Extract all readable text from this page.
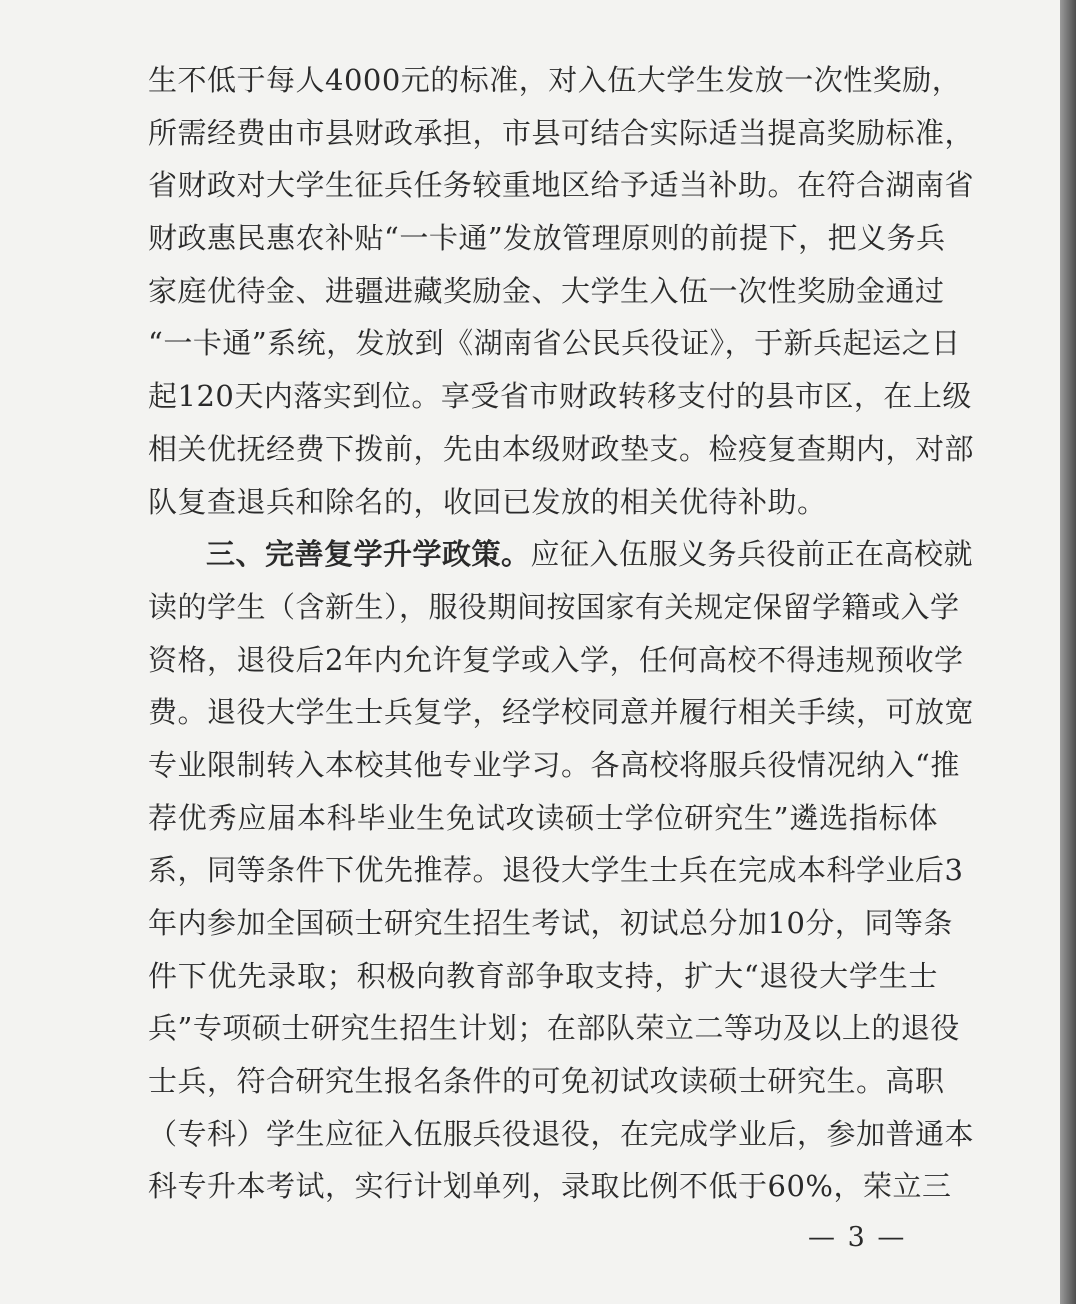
生不低于每人4000元的标准，对入伍大学生发放一次性奖励，
所需经费由市县财政承担，市县可结合实际适当提高奖励标准，
省财政对大学生征兵任务较重地区给予适当补助。在符合湖南省
财政惠民惠农补贴“一卡通”发放管理原则的前提下，把义务兵
家庭优待金、进疆进藏奖励金、大学生入伍一次性奖励金通过
“一卡通”系统，发放到《湖南省公民兵役证》，于新兵起运之日
起120天内落实到位。享受省市财政转移支付的县市区，在上级
相关优抚经费下拨前，先由本级财政垫支。检疫复查期内，对部
队复查退兵和除名的，收回已发放的相关优待补助。
三、完善复学升学政策。应征入伍服义务兵役前正在高校就
读的学生（含新生），服役期间按国家有关规定保留学籍或入学
资格，退役后2年内允许复学或入学，任何高校不得违规预收学
费。退役大学生士兵复学，经学校同意并履行相关手续，可放宽
专业限制转入本校其他专业学习。各高校将服兵役情况纳入“推
荐优秀应届本科毕业生免试攻读硕士学位研究生”遴选指标体
系，同等条件下优先推荐。退役大学生士兵在完成本科学业后3
年内参加全国硕士研究生招生考试，初试总分加10分，同等条
件下优先录取；积极向教育部争取支持，扩大“退役大学生士
兵”专项硕士研究生招生计划；在部队荣立二等功及以上的退役
士兵，符合研究生报名条件的可免初试攻读硕士研究生。高职
（专科）学生应征入伍服兵役退役，在完成学业后，参加普通本
科专升本考试，实行计划单列，录取比例不低于60%，荣立三
— 3 —
